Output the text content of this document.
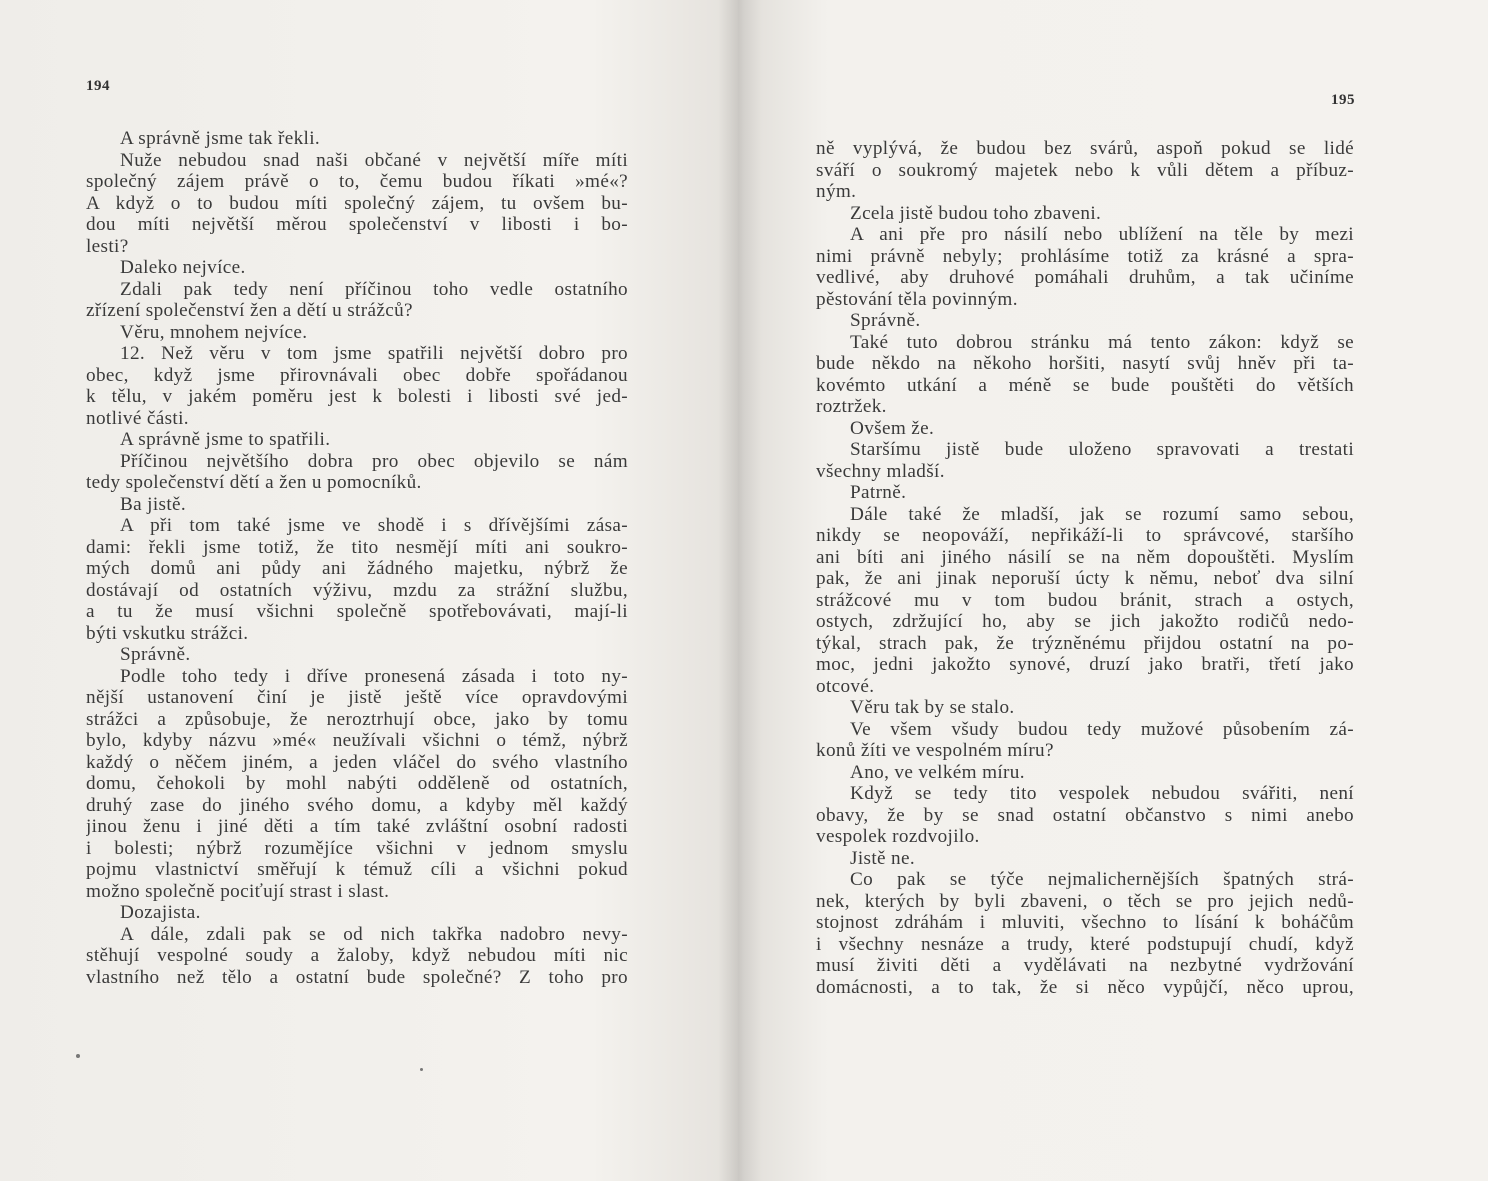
194
A správně jsme tak řekli.
Nuže nebudou snad naši občané v největší míře míti
společný zájem právě o to, čemu budou říkati »mé«?
A když o to budou míti společný zájem, tu ovšem bu-
dou míti největší měrou společenství v libosti i bo-
lesti?
Daleko nejvíce.
Zdali pak tedy není příčinou toho vedle ostatního
zřízení společenství žen a dětí u strážců?
Věru, mnohem nejvíce.
12. Než věru v tom jsme spatřili největší dobro pro
obec, když jsme přirovnávali obec dobře spořádanou
k tělu, v jakém poměru jest k bolesti i libosti své jed-
notlivé části.
A správně jsme to spatřili.
Příčinou největšího dobra pro obec objevilo se nám
tedy společenství dětí a žen u pomocníků.
Ba jistě.
A při tom také jsme ve shodě i s dřívějšími zása-
dami: řekli jsme totiž, že tito nesmějí míti ani soukro-
mých domů ani půdy ani žádného majetku, nýbrž že
dostávají od ostatních výživu, mzdu za strážní službu,
a tu že musí všichni společně spotřebovávati, mají-li
býti vskutku strážci.
Správně.
Podle toho tedy i dříve pronesená zásada i toto ny-
nější ustanovení činí je jistě ještě více opravdovými
strážci a způsobuje, že neroztrhují obce, jako by tomu
bylo, kdyby názvu »mé« neužívali všichni o témž, nýbrž
každý o něčem jiném, a jeden vláčel do svého vlastního
domu, čehokoli by mohl nabýti odděleně od ostatních,
druhý zase do jiného svého domu, a kdyby měl každý
jinou ženu i jiné děti a tím také zvláštní osobní radosti
i bolesti; nýbrž rozumějíce všichni v jednom smyslu
pojmu vlastnictví směřují k témuž cíli a všichni pokud
možno společně pociťují strast i slast.
Dozajista.
A dále, zdali pak se od nich takřka nadobro nevy-
stěhují vespolné soudy a žaloby, když nebudou míti nic
vlastního než tělo a ostatní bude společné? Z toho pro
195
ně vyplývá, že budou bez svárů, aspoň pokud se lidé
sváří o soukromý majetek nebo k vůli dětem a příbuz-
ným.
Zcela jistě budou toho zbaveni.
A ani pře pro násilí nebo ublížení na těle by mezi
nimi právně nebyly; prohlásíme totiž za krásné a spra-
vedlivé, aby druhové pomáhali druhům, a tak učiníme
pěstování těla povinným.
Správně.
Také tuto dobrou stránku má tento zákon: když se
bude někdo na někoho horšiti, nasytí svůj hněv při ta-
kovémto utkání a méně se bude pouštěti do větších
roztržek.
Ovšem že.
Staršímu jistě bude uloženo spravovati a trestati
všechny mladší.
Patrně.
Dále také že mladší, jak se rozumí samo sebou,
nikdy se neopováží, nepřikáží-li to správcové, staršího
ani bíti ani jiného násilí se na něm dopouštěti. Myslím
pak, že ani jinak neporuší úcty k němu, neboť dva silní
strážcové mu v tom budou bránit, strach a ostych,
ostych, zdržující ho, aby se jich jakožto rodičů nedo-
týkal, strach pak, že trýzněnému přijdou ostatní na po-
moc, jedni jakožto synové, druzí jako bratři, třetí jako
otcové.
Věru tak by se stalo.
Ve všem všudy budou tedy mužové působením zá-
konů žíti ve vespolném míru?
Ano, ve velkém míru.
Když se tedy tito vespolek nebudou svářiti, není
obavy, že by se snad ostatní občanstvo s nimi anebo
vespolek rozdvojilo.
Jistě ne.
Co pak se týče nejmalichernějších špatných strá-
nek, kterých by byli zbaveni, o těch se pro jejich nedů-
stojnost zdráhám i mluviti, všechno to lísání k boháčům
i všechny nesnáze a trudy, které podstupují chudí, když
musí živiti děti a vydělávati na nezbytné vydržování
domácnosti, a to tak, že si něco vypůjčí, něco uprou,
